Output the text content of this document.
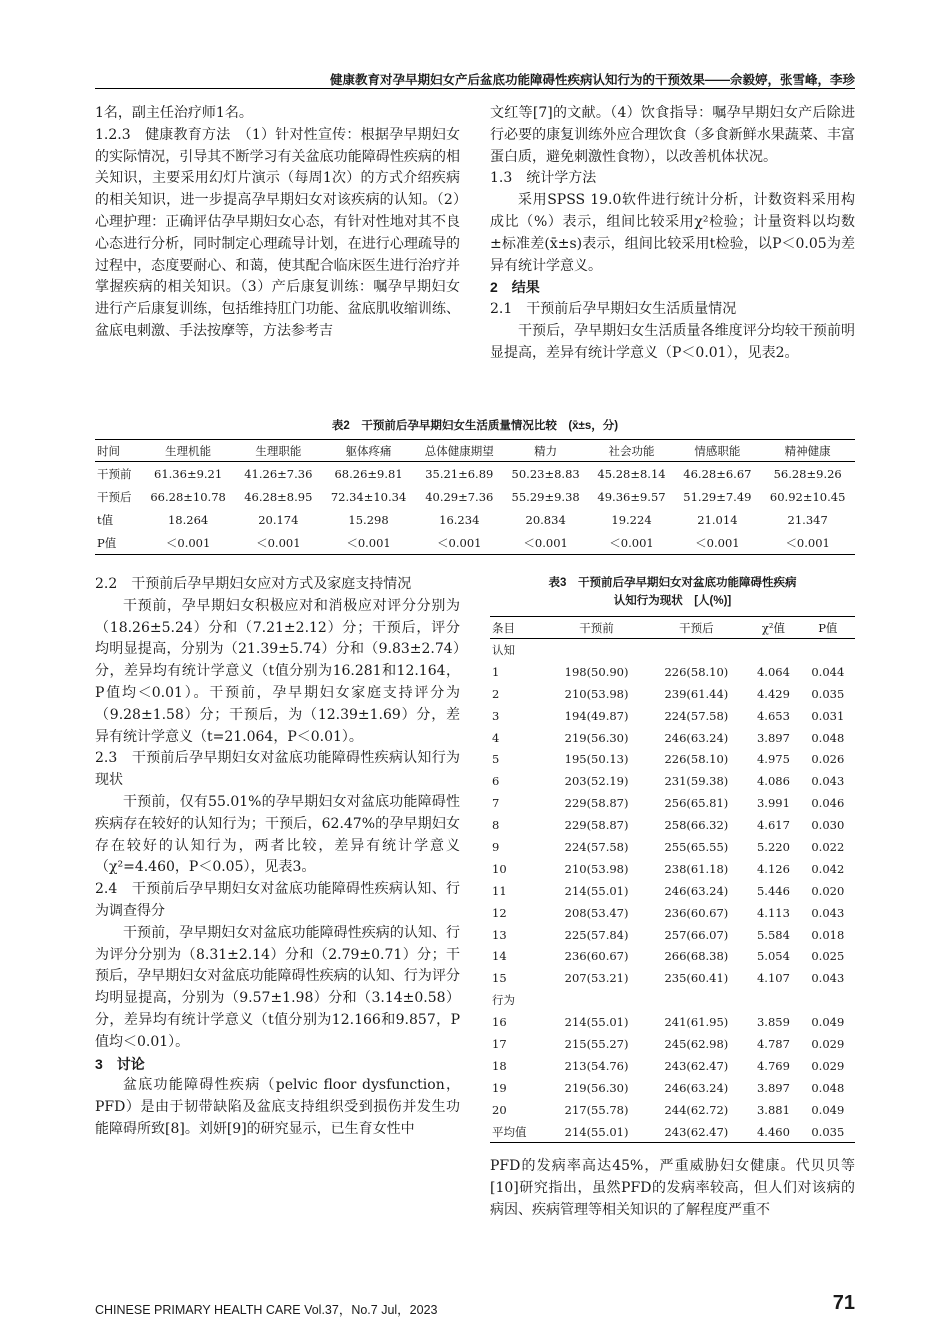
健康教育对孕早期妇女产后盆底功能障碍性疾病认知行为的干预效果——佘毅婷，张雪峰，李珍

1名，副主任治疗师1名。

1.2.3　健康教育方法　（1）针对性宣传：根据孕早期妇女的实际情况，引导其不断学习有关盆底功能障碍性疾病的相关知识，主要采用幻灯片演示（每周1次）的方式介绍疾病的相关知识，进一步提高孕早期妇女对该疾病的认知。（2）心理护理：正确评估孕早期妇女心态，有针对性地对其不良心态进行分析，同时制定心理疏导计划，在进行心理疏导的过程中，态度要耐心、和蔼，使其配合临床医生进行治疗并掌握疾病的相关知识。（3）产后康复训练：嘱孕早期妇女进行产后康复训练，包括维持肛门功能、盆底肌收缩训练、盆底电刺激、手法按摩等，方法参考吉

文红等[7]的文献。（4）饮食指导：嘱孕早期妇女产后除进行必要的康复训练外应合理饮食（多食新鲜水果蔬菜、丰富蛋白质，避免刺激性食物），以改善机体状况。

1.3　统计学方法

采用SPSS 19.0软件进行统计分析，计数资料采用构成比（%）表示，组间比较采用χ²检验；计量资料以均数±标准差(x̄±s)表示，组间比较采用t检验，以P＜0.05为差异有统计学意义。

2　结果

2.1　干预前后孕早期妇女生活质量情况

干预后，孕早期妇女生活质量各维度评分均较干预前明显提高，差异有统计学意义（P＜0.01），见表2。

表2　干预前后孕早期妇女生活质量情况比较　(x̄±s，分)
时间	生理机能	生理职能	躯体疼痛	总体健康期望	精力	社会功能	情感职能	精神健康
干预前	61.36±9.21	41.26±7.36	68.26±9.81	35.21±6.89	50.23±8.83	45.28±8.14	46.28±6.67	56.28±9.26
干预后	66.28±10.78	46.28±8.95	72.34±10.34	40.29±7.36	55.29±9.38	49.36±9.57	51.29±7.49	60.92±10.45
t值	18.264	20.174	15.298	16.234	20.834	19.224	21.014	21.347
P值	＜0.001	＜0.001	＜0.001	＜0.001	＜0.001	＜0.001	＜0.001	＜0.001

2.2　干预前后孕早期妇女应对方式及家庭支持情况

干预前，孕早期妇女积极应对和消极应对评分分别为（18.26±5.24）分和（7.21±2.12）分；干预后，评分均明显提高，分别为（21.39±5.74）分和（9.83±2.74）分，差异均有统计学意义（t值分别为16.281和12.164，P值均＜0.01）。干预前，孕早期妇女家庭支持评分为（9.28±1.58）分；干预后，为（12.39±1.69）分，差异有统计学意义（t=21.064，P＜0.01）。

2.3　干预前后孕早期妇女对盆底功能障碍性疾病认知行为现状

干预前，仅有55.01%的孕早期妇女对盆底功能障碍性疾病存在较好的认知行为；干预后，62.47%的孕早期妇女存在较好的认知行为，两者比较，差异有统计学意义（χ²=4.460，P＜0.05），见表3。

2.4　干预前后孕早期妇女对盆底功能障碍性疾病认知、行为调查得分

干预前，孕早期妇女对盆底功能障碍性疾病的认知、行为评分分别为（8.31±2.14）分和（2.79±0.71）分；干预后，孕早期妇女对盆底功能障碍性疾病的认知、行为评分均明显提高，分别为（9.57±1.98）分和（3.14±0.58）分，差异均有统计学意义（t值分别为12.166和9.857，P值均＜0.01）。

3　讨论

盆底功能障碍性疾病（pelvic floor dysfunction，PFD）是由于韧带缺陷及盆底支持组织受到损伤并发生功能障碍所致[8]。刘妍[9]的研究显示，已生育女性中

表3　干预前后孕早期妇女对盆底功能障碍性疾病
认知行为现状　[人(%)]
条目	干预前	干预后	χ²值	P值
认知				
1	198(50.90)	226(58.10)	4.064	0.044
2	210(53.98)	239(61.44)	4.429	0.035
3	194(49.87)	224(57.58)	4.653	0.031
4	219(56.30)	246(63.24)	3.897	0.048
5	195(50.13)	226(58.10)	4.975	0.026
6	203(52.19)	231(59.38)	4.086	0.043
7	229(58.87)	256(65.81)	3.991	0.046
8	229(58.87)	258(66.32)	4.617	0.030
9	224(57.58)	255(65.55)	5.220	0.022
10	210(53.98)	238(61.18)	4.126	0.042
11	214(55.01)	246(63.24)	5.446	0.020
12	208(53.47)	236(60.67)	4.113	0.043
13	225(57.84)	257(66.07)	5.584	0.018
14	236(60.67)	266(68.38)	5.054	0.025
15	207(53.21)	235(60.41)	4.107	0.043
行为				
16	214(55.01)	241(61.95)	3.859	0.049
17	215(55.27)	245(62.98)	4.787	0.029
18	213(54.76)	243(62.47)	4.769	0.029
19	219(56.30)	246(63.24)	3.897	0.048
20	217(55.78)	244(62.72)	3.881	0.049
平均值	214(55.01)	243(62.47)	4.460	0.035

PFD的发病率高达45%，严重威胁妇女健康。代贝贝等[10]研究指出，虽然PFD的发病率较高，但人们对该病的病因、疾病管理等相关知识的了解程度严重不

CHINESE PRIMARY HEALTH CARE Vol.37，No.7 Jul，2023	71
